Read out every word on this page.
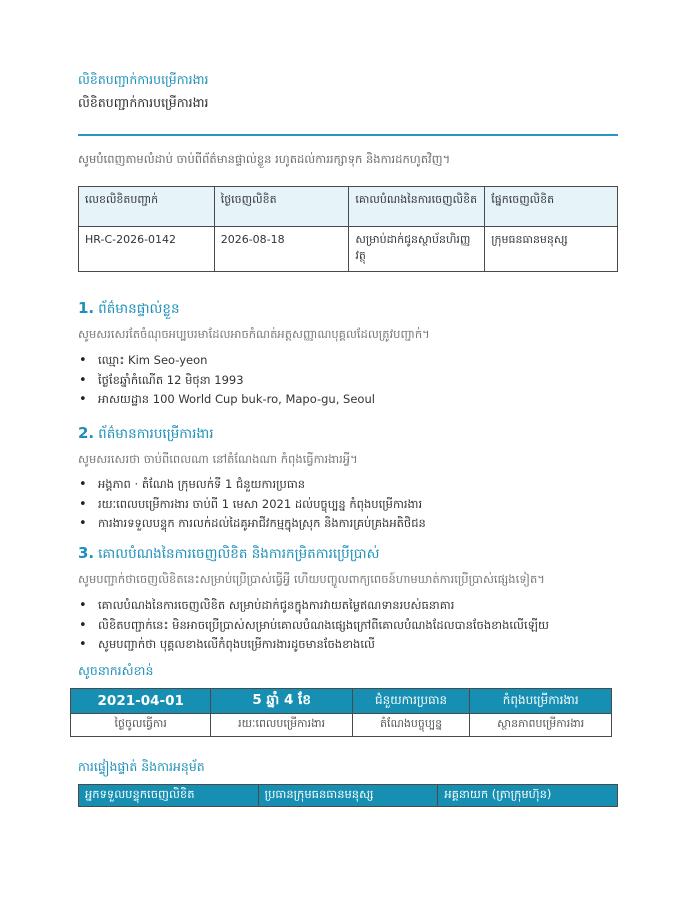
លិខិតបញ្ជាក់ការបម្រើការងារ
លិខិតបញ្ជាក់ការបម្រើការងារ
សូមបំពេញតាមលំដាប់ ចាប់ពីព័ត៌មានផ្ទាល់ខ្លួន រហូតដល់ការរក្សាទុក និងការដកហូតវិញ។
លេខលិខិតបញ្ជាក់	ថ្ងៃចេញលិខិត	គោលបំណងនៃការចេញលិខិត	ផ្នែកចេញលិខិត
HR-C-2026-0142	2026-08-18	សម្រាប់ដាក់ជូនស្ថាប័នហិរញ្ញវត្ថុ	ក្រុមធនធានមនុស្ស
1. ព័ត៌មានផ្ទាល់ខ្លួន
សូមសរសេរតែចំណុចអប្បបរមាដែលអាចកំណត់អត្តសញ្ញាណបុគ្គលដែលត្រូវបញ្ជាក់។
• ឈ្មោះ Kim Seo-yeon
• ថ្ងៃខែឆ្នាំកំណើត 12 មិថុនា 1993
• អាសយដ្ឋាន 100 World Cup buk-ro, Mapo-gu, Seoul
2. ព័ត៌មានការបម្រើការងារ
សូមសរសេរថា ចាប់ពីពេលណា នៅតំណែងណា កំពុងធ្វើការងារអ្វី។
• អង្គភាព · តំណែង ក្រុមលក់ទី 1 ជំនួយការប្រធាន
• រយៈពេលបម្រើការងារ ចាប់ពី 1 មេសា 2021 ដល់បច្ចុប្បន្ន កំពុងបម្រើការងារ
• ការងារទទួលបន្ទុក ការលក់ដល់ដៃគូអាជីវកម្មក្នុងស្រុក និងការគ្រប់គ្រងអតិថិជន
3. គោលបំណងនៃការចេញលិខិត និងការកម្រិតការប្រើប្រាស់
សូមបញ្ជាក់ថាចេញលិខិតនេះសម្រាប់ប្រើប្រាស់ធ្វើអ្វី ហើយបញ្ចូលពាក្យពេចន៍ហាមឃាត់ការប្រើប្រាស់ផ្សេងទៀត។
• គោលបំណងនៃការចេញលិខិត សម្រាប់ដាក់ជូនក្នុងការវាយតម្លៃឥណទានរបស់ធនាគារ
• លិខិតបញ្ជាក់នេះ មិនអាចប្រើប្រាស់សម្រាប់គោលបំណងផ្សេងក្រៅពីគោលបំណងដែលបានចែងខាងលើឡើយ
• សូមបញ្ជាក់ថា បុគ្គលខាងលើកំពុងបម្រើការងារដូចមានចែងខាងលើ
សូចនាករសំខាន់
2021-04-01	5 ឆ្នាំ 4 ខែ	ជំនួយការប្រធាន	កំពុងបម្រើការងារ
ថ្ងៃចូលធ្វើការ	រយៈពេលបម្រើការងារ	តំណែងបច្ចុប្បន្ន	ស្ថានភាពបម្រើការងារ
ការផ្ទៀងផ្ទាត់ និងការអនុម័ត
អ្នកទទួលបន្ទុកចេញលិខិត	ប្រធានក្រុមធនធានមនុស្ស	អគ្គនាយក (ត្រាក្រុមហ៊ុន)
